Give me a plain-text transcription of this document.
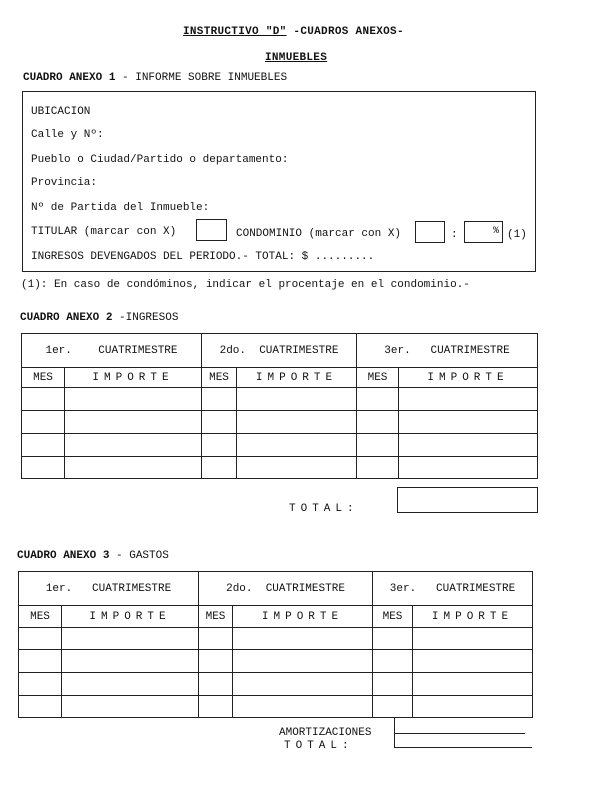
INSTRUCTIVO "D" -CUADROS ANEXOS-
INMUEBLES
CUADRO ANEXO 1 - INFORME SOBRE INMUEBLES
UBICACION
Calle y Nº:
Pueblo o Ciudad/Partido o departamento:
Provincia:
Nº de Partida del Inmueble:
TITULAR (marcar con X)	CONDOMINIO (marcar con X)	:	% (1)
INGRESOS DEVENGADOS DEL PERIODO.- TOTAL: $ .........
(1): En caso de condóminos, indicar el procentaje en el condominio.-
CUADRO ANEXO 2 -INGRESOS
1er. CUATRIMESTRE		2do. CUATRIMESTRE		3er. CUATRIMESTRE	
MES	IMPORTE	MES	IMPORTE	MES	IMPORTE

TOTAL:
CUADRO ANEXO 3 - GASTOS
1er. CUATRIMESTRE		2do. CUATRIMESTRE		3er. CUATRIMESTRE	
MES	IMPORTE	MES	IMPORTE	MES	IMPORTE

AMORTIZACIONES
TOTAL:
